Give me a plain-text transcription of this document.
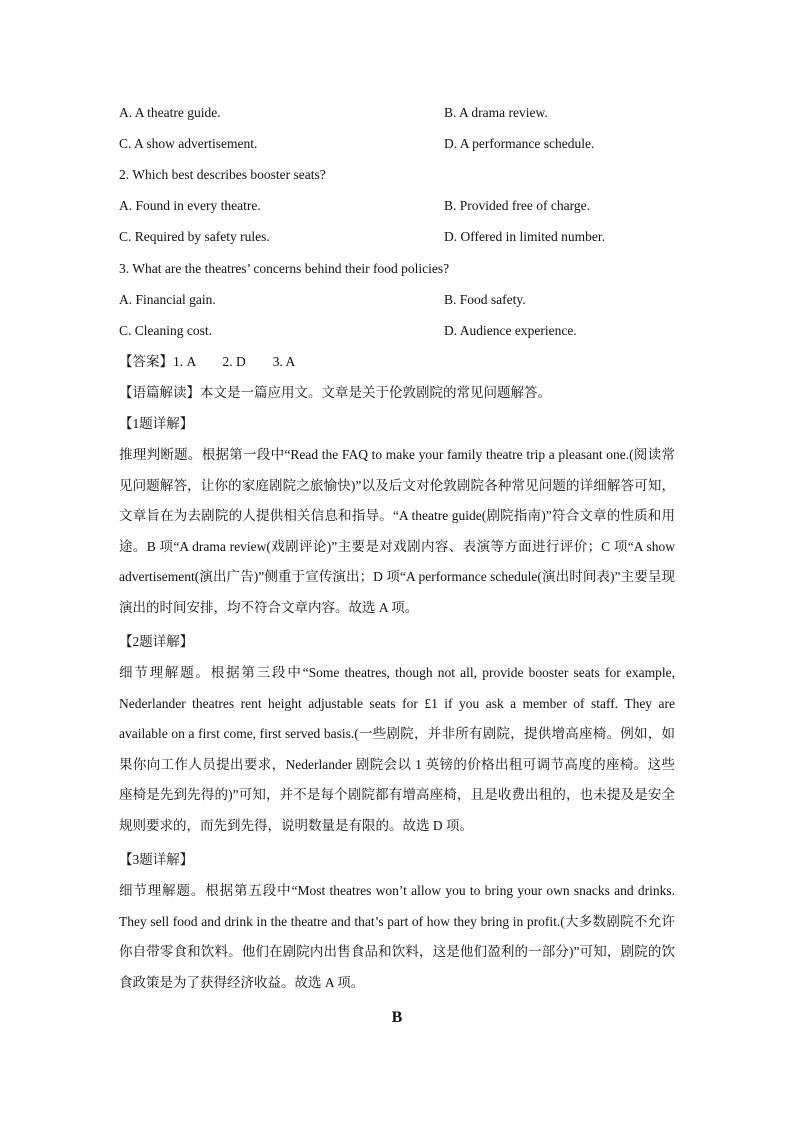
A. A theatre guide.	B. A drama review.
C. A show advertisement.	D. A performance schedule.
2. Which best describes booster seats?
A. Found in every theatre.	B. Provided free of charge.
C. Required by safety rules.	D. Offered in limited number.
3. What are the theatres’ concerns behind their food policies?
A. Financial gain.	B. Food safety.
C. Cleaning cost.	D. Audience experience.
【答案】1. A        2. D        3. A
【语篇解读】本文是一篇应用文。文章是关于伦敦剧院的常见问题解答。
【1题详解】
推理判断题。根据第一段中“Read the FAQ to make your family theatre trip a pleasant one.(阅读常见问题解答，让你的家庭剧院之旅愉快)”以及后文对伦敦剧院各种常见问题的详细解答可知，文章旨在为去剧院的人提供相关信息和指导。“A theatre guide(剧院指南)”符合文章的性质和用途。B 项“A drama review(戏剧评论)”主要是对戏剧内容、表演等方面进行评价；C 项“A show advertisement(演出广告)”侧重于宣传演出；D 项“A performance schedule(演出时间表)”主要呈现演出的时间安排，均不符合文章内容。故选 A 项。
【2题详解】
细节理解题。根据第三段中“Some theatres, though not all, provide booster seats for example, Nederlander theatres rent height adjustable seats for £1 if you ask a member of staff. They are available on a first come, first served basis.(一些剧院，并非所有剧院，提供增高座椅。例如，如果你向工作人员提出要求，Nederlander 剧院会以 1 英镑的价格出租可调节高度的座椅。这些座椅是先到先得的)”可知，并不是每个剧院都有增高座椅，且是收费出租的，也未提及是安全规则要求的，而先到先得，说明数量是有限的。故选 D 项。
【3题详解】
细节理解题。根据第五段中“Most theatres won’t allow you to bring your own snacks and drinks. They sell food and drink in the theatre and that’s part of how they bring in profit.(大多数剧院不允许你自带零食和饮料。他们在剧院内出售食品和饮料，这是他们盈利的一部分)”可知，剧院的饮食政策是为了获得经济收益。故选 A 项。
B
